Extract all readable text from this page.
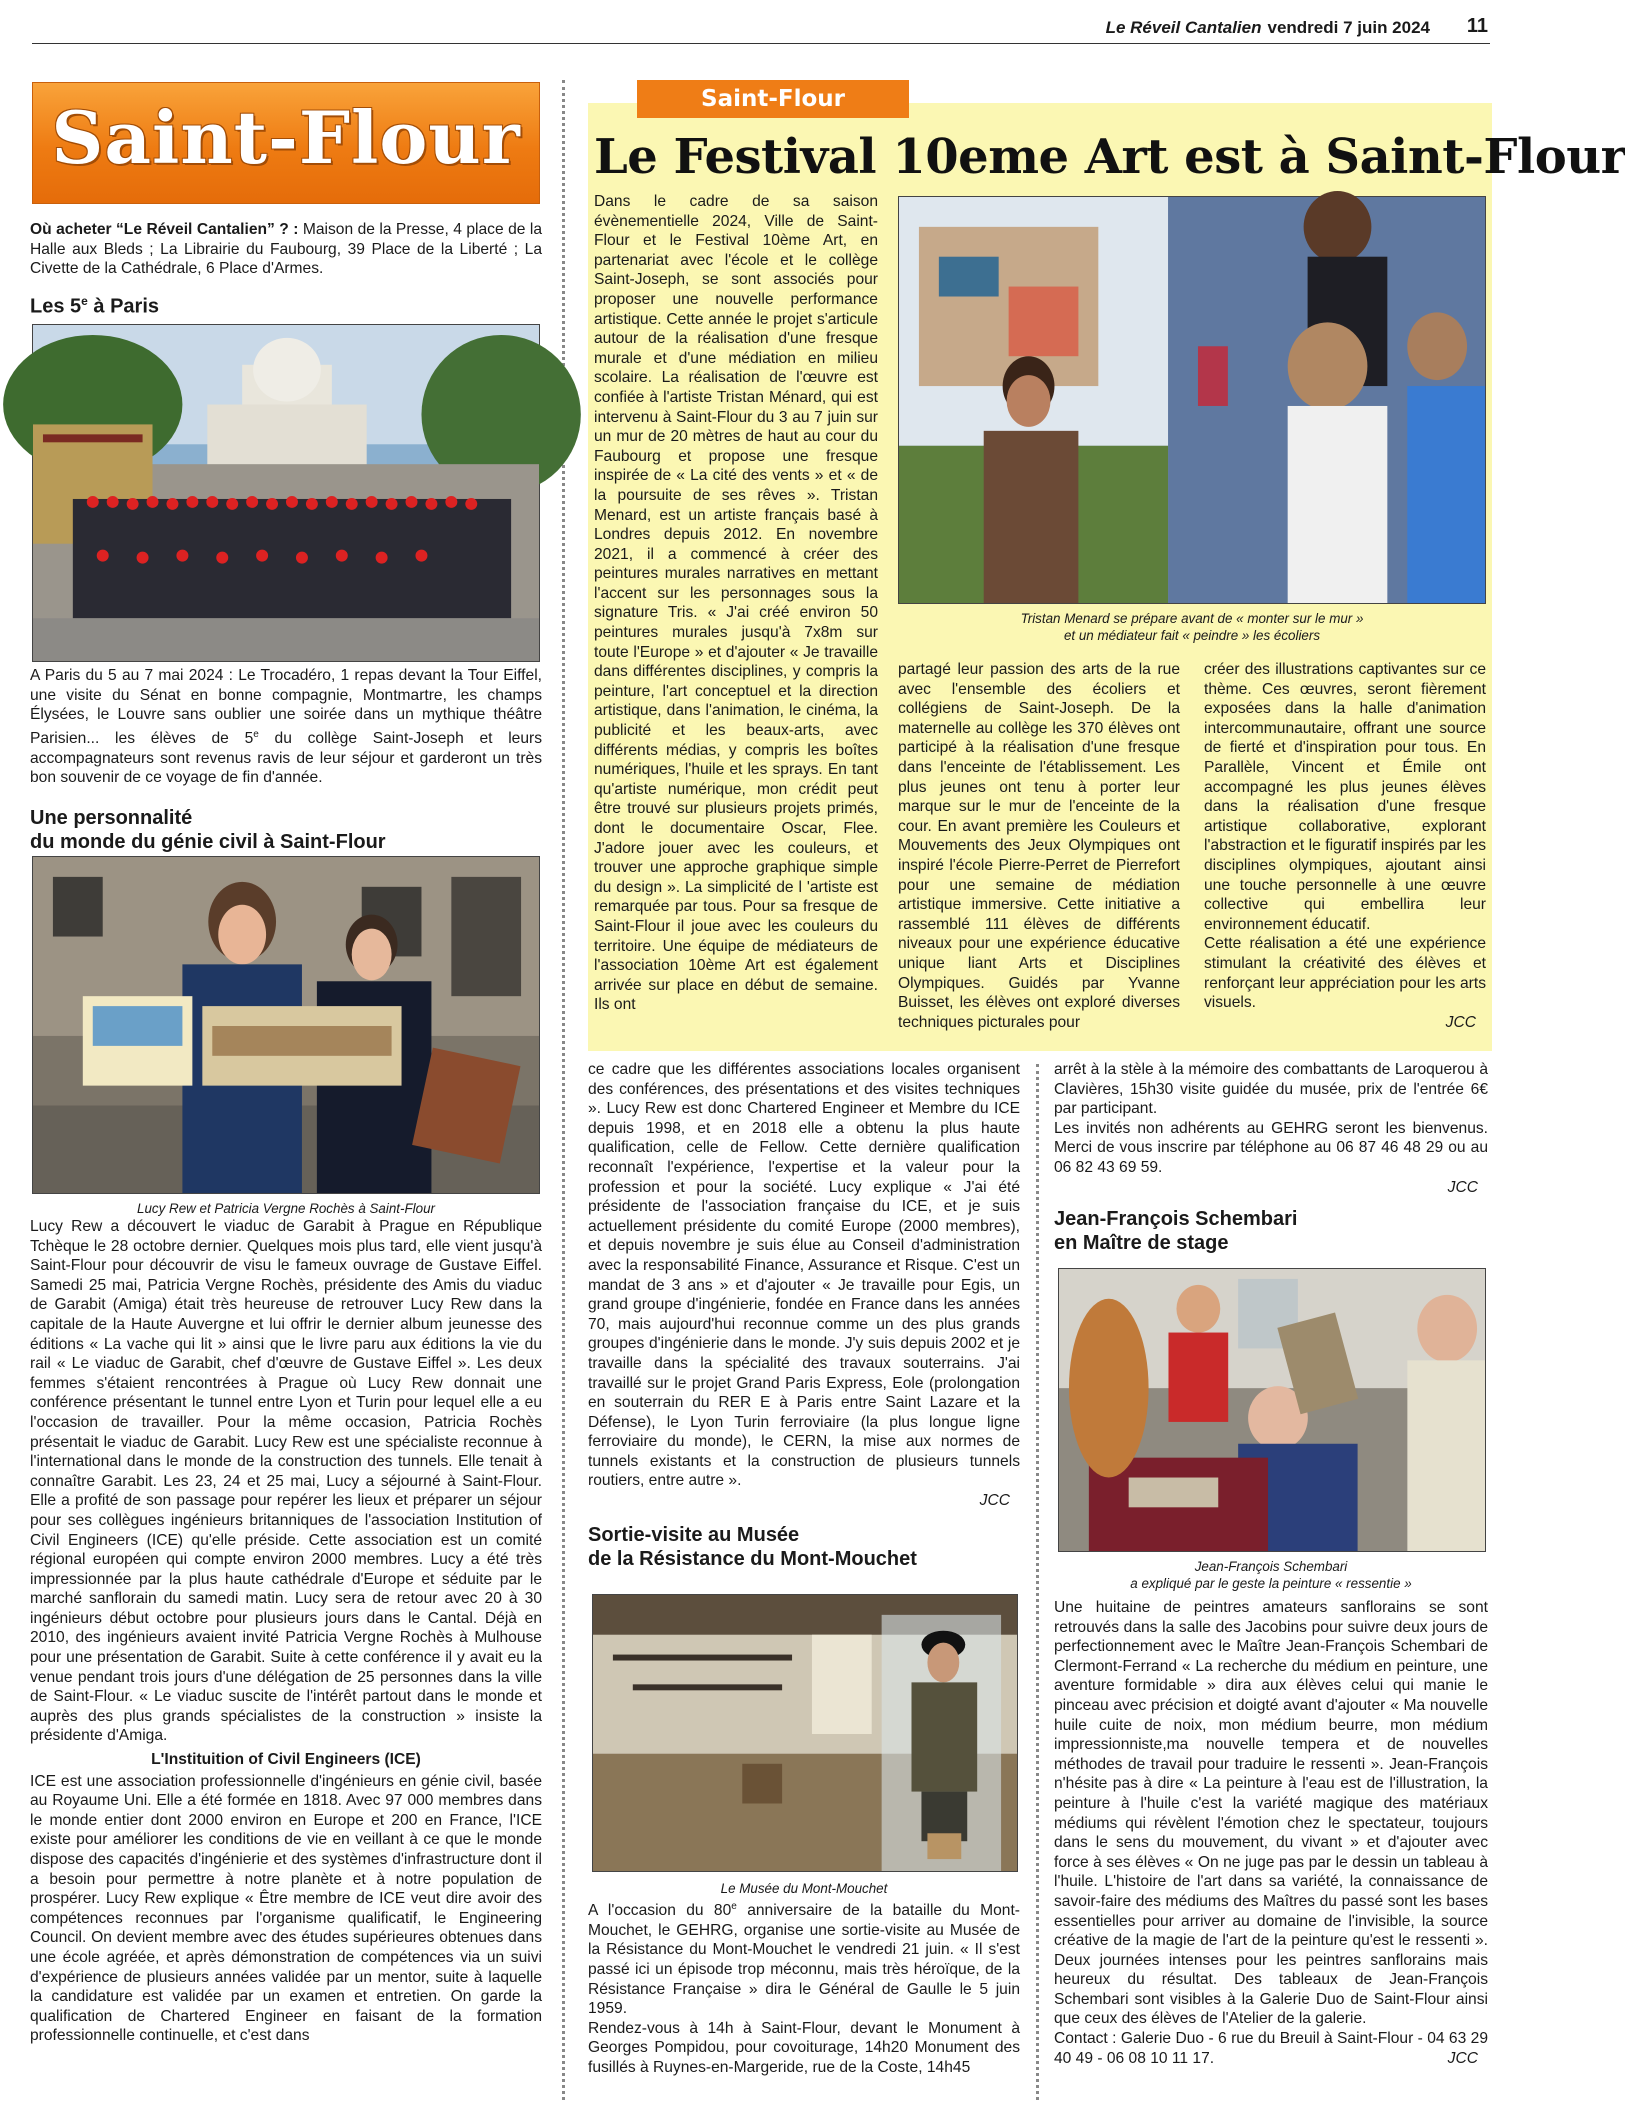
Le Réveil Cantalien vendredi 7 juin 2024 11
Saint-Flour

Où acheter “Le Réveil Cantalien” ? : Maison de la Presse, 4 place de la Halle aux Bleds ; La Librairie du Faubourg, 39 Place de la Liberté ; La Civette de la Cathédrale, 6 Place d'Armes.

Les 5e à Paris

A Paris du 5 au 7 mai 2024 : Le Trocadéro, 1 repas devant la Tour Eiffel, une visite du Sénat en bonne compagnie, Montmartre, les champs Élysées, le Louvre sans oublier une soirée dans un mythique théâtre Parisien... les élèves de 5e du collège Saint-Joseph et leurs accompagnateurs sont revenus ravis de leur séjour et garderont un très bon souvenir de ce voyage de fin d'année.

Une personnalité
du monde du génie civil à Saint-Flour

Lucy Rew et Patricia Vergne Rochès à Saint-Flour

Lucy Rew a découvert le viaduc de Garabit à Prague en République Tchèque le 28 octobre dernier. Quelques mois plus tard, elle vient jusqu'à Saint-Flour pour découvrir de visu le fameux ouvrage de Gustave Eiffel. Samedi 25 mai, Patricia Vergne Rochès, présidente des Amis du viaduc de Garabit (Amiga) était très heureuse de retrouver Lucy Rew dans la capitale de la Haute Auvergne et lui offrir le dernier album jeunesse des éditions « La vache qui lit » ainsi que le livre paru aux éditions la vie du rail « Le viaduc de Garabit, chef d'œuvre de Gustave Eiffel ». Les deux femmes s'étaient rencontrées à Prague où Lucy Rew donnait une conférence présentant le tunnel entre Lyon et Turin pour lequel elle a eu l'occasion de travailler. Pour la même occasion, Patricia Rochès présentait le viaduc de Garabit. Lucy Rew est une spécialiste reconnue à l'international dans le monde de la construction des tunnels. Elle tenait à connaître Garabit. Les 23, 24 et 25 mai, Lucy a séjourné à Saint-Flour. Elle a profité de son passage pour repérer les lieux et préparer un séjour pour ses collègues ingénieurs britanniques de l'association Institution of Civil Engineers (ICE) qu'elle préside. Cette association est un comité régional européen qui compte environ 2000 membres. Lucy a été très impressionnée par la plus haute cathédrale d'Europe et séduite par le marché sanflorain du samedi matin. Lucy sera de retour avec 20 à 30 ingénieurs début octobre pour plusieurs jours dans le Cantal. Déjà en 2010, des ingénieurs avaient invité Patricia Vergne Rochès à Mulhouse pour une présentation de Garabit. Suite à cette conférence il y avait eu la venue pendant trois jours d'une délégation de 25 personnes dans la ville de Saint-Flour. « Le viaduc suscite de l'intérêt partout dans le monde et auprès des plus grands spécialistes de la construction » insiste la présidente d'Amiga.

L'Instituition of Civil Engineers (ICE)

ICE est une association professionnelle d'ingénieurs en génie civil, basée au Royaume Uni. Elle a été formée en 1818. Avec 97 000 membres dans le monde entier dont 2000 environ en Europe et 200 en France, l'ICE existe pour améliorer les conditions de vie en veillant à ce que le monde dispose des capacités d'ingénierie et des systèmes d'infrastructure dont il a besoin pour permettre à notre planète et à notre population de prospérer. Lucy Rew explique « Être membre de ICE veut dire avoir des compétences reconnues par l'organisme qualificatif, le Engineering Council. On devient membre avec des études supérieures obtenues dans une école agréée, et après démonstration de compétences via un suivi d'expérience de plusieurs années validée par un mentor, suite à laquelle la candidature est validée par un examen et entretien. On garde la qualification de Chartered Engineer en faisant de la formation professionnelle continuelle, et c'est dans

Saint-Flour
Le Festival 10eme Art est à Saint-Flour

Dans le cadre de sa saison évènementielle 2024, Ville de Saint-Flour et le Festival 10ème Art, en partenariat avec l'école et le collège Saint-Joseph, se sont associés pour proposer une nouvelle performance artistique. Cette année le projet s'articule autour de la réalisation d'une fresque murale et d'une médiation en milieu scolaire. La réalisation de l'œuvre est confiée à l'artiste Tristan Ménard, qui est intervenu à Saint-Flour du 3 au 7 juin sur un mur de 20 mètres de haut au cour du Faubourg et propose une fresque inspirée de « La cité des vents » et « de la poursuite de ses rêves ». Tristan Menard, est un artiste français basé à Londres depuis 2012. En novembre 2021, il a commencé à créer des peintures murales narratives en mettant l'accent sur les personnages sous la signature Tris. « J'ai créé environ 50 peintures murales jusqu'à 7x8m sur toute l'Europe » et d'ajouter « Je travaille dans différentes disciplines, y compris la peinture, l'art conceptuel et la direction artistique, dans l'animation, le cinéma, la publicité et les beaux-arts, avec différents médias, y compris les boîtes numériques, l'huile et les sprays. En tant qu'artiste numérique, mon crédit peut être trouvé sur plusieurs projets primés, dont le documentaire Oscar, Flee. J'adore jouer avec les couleurs, et trouver une approche graphique simple du design ». La simplicité de l 'artiste est remarquée par tous. Pour sa fresque de Saint-Flour il joue avec les couleurs du territoire. Une équipe de médiateurs de l'association 10ème Art est également arrivée sur place en début de semaine. Ils ont

Tristan Menard se prépare avant de « monter sur le mur »
et un médiateur fait « peindre » les écoliers

partagé leur passion des arts de la rue avec l'ensemble des écoliers et collégiens de Saint-Joseph. De la maternelle au collège les 370 élèves ont participé à la réalisation d'une fresque dans l'enceinte de l'établissement. Les plus jeunes ont tenu à porter leur marque sur le mur de l'enceinte de la cour. En avant première les Couleurs et Mouvements des Jeux Olympiques ont inspiré l'école Pierre-Perret de Pierrefort pour une semaine de médiation artistique immersive. Cette initiative a rassemblé 111 élèves de différents niveaux pour une expérience éducative unique liant Arts et Disciplines Olympiques. Guidés par Yvanne Buisset, les élèves ont exploré diverses techniques picturales pour

créer des illustrations captivantes sur ce thème. Ces œuvres, seront fièrement exposées dans la halle d'animation intercommunautaire, offrant une source de fierté et d'inspiration pour tous. En Parallèle, Vincent et Émile ont accompagné les plus jeunes élèves dans la réalisation d'une fresque artistique collaborative, explorant l'abstraction et le figuratif inspirés par les disciplines olympiques, ajoutant ainsi une touche personnelle à une œuvre collective qui embellira leur environnement éducatif.

Cette réalisation a été une expérience stimulant la créativité des élèves et renforçant leur appréciation pour les arts visuels.

JCC

ce cadre que les différentes associations locales organisent des conférences, des présentations et des visites techniques ». Lucy Rew est donc Chartered Engineer et Membre du ICE depuis 1998, et en 2018 elle a obtenu la plus haute qualification, celle de Fellow. Cette dernière qualification reconnaît l'expérience, l'expertise et la valeur pour la profession et pour la société. Lucy explique « J'ai été présidente de l'association française du ICE, et je suis actuellement présidente du comité Europe (2000 membres), et depuis novembre je suis élue au Conseil d'administration avec la responsabilité Finance, Assurance et Risque. C'est un mandat de 3 ans » et d'ajouter « Je travaille pour Egis, un grand groupe d'ingénierie, fondée en France dans les années 70, mais aujourd'hui reconnue comme un des plus grands groupes d'ingénierie dans le monde. J'y suis depuis 2002 et je travaille dans la spécialité des travaux souterrains. J'ai travaillé sur le projet Grand Paris Express, Eole (prolongation en souterrain du RER E à Paris entre Saint Lazare et la Défense), le Lyon Turin ferroviaire (la plus longue ligne ferroviaire du monde), le CERN, la mise aux normes de tunnels existants et la construction de plusieurs tunnels routiers, entre autre ».

JCC

Sortie-visite au Musée
de la Résistance du Mont-Mouchet

Le Musée du Mont-Mouchet

A l'occasion du 80e anniversaire de la bataille du Mont-Mouchet, le GEHRG, organise une sortie-visite au Musée de la Résistance du Mont-Mouchet le vendredi 21 juin. « Il s'est passé ici un épisode trop méconnu, mais très héroïque, de la Résistance Française » dira le Général de Gaulle le 5 juin 1959.

Rendez-vous à 14h à Saint-Flour, devant le Monument à Georges Pompidou, pour covoiturage, 14h20 Monument des fusillés à Ruynes-en-Margeride, rue de la Coste, 14h45

arrêt à la stèle à la mémoire des combattants de Laroquerou à Clavières, 15h30 visite guidée du musée, prix de l'entrée 6€ par participant.

Les invités non adhérents au GEHRG seront les bienvenus. Merci de vous inscrire par téléphone au 06 87 46 48 29 ou au 06 82 43 69 59.

JCC

Jean-François Schembari
en Maître de stage

Jean-François Schembari
a expliqué par le geste la peinture « ressentie »

Une huitaine de peintres amateurs sanflorains se sont retrouvés dans la salle des Jacobins pour suivre deux jours de perfectionnement avec le Maître Jean-François Schembari de Clermont-Ferrand « La recherche du médium en peinture, une aventure formidable » dira aux élèves celui qui manie le pinceau avec précision et doigté avant d'ajouter « Ma nouvelle huile cuite de noix, mon médium beurre, mon médium impressionniste,ma nouvelle tempera et de nouvelles méthodes de travail pour traduire le ressenti ». Jean-François n'hésite pas à dire « La peinture à l'eau est de l'illustration, la peinture à l'huile c'est la variété magique des matériaux médiums qui révèlent l'émotion chez le spectateur, toujours dans le sens du mouvement, du vivant » et d'ajouter avec force à ses élèves « On ne juge pas par le dessin un tableau à l'huile. L'histoire de l'art dans sa variété, la connaissance de savoir-faire des médiums des Maîtres du passé sont les bases essentielles pour arriver au domaine de l'invisible, la source créative de la magie de l'art de la peinture qu'est le ressenti ». Deux journées intenses pour les peintres sanflorains mais heureux du résultat. Des tableaux de Jean-François Schembari sont visibles à la Galerie Duo de Saint-Flour ainsi que ceux des élèves de l'Atelier de la galerie.

Contact : Galerie Duo - 6 rue du Breuil à Saint-Flour - 04 63 29 40 49 - 06 08 10 11 17.	JCC
